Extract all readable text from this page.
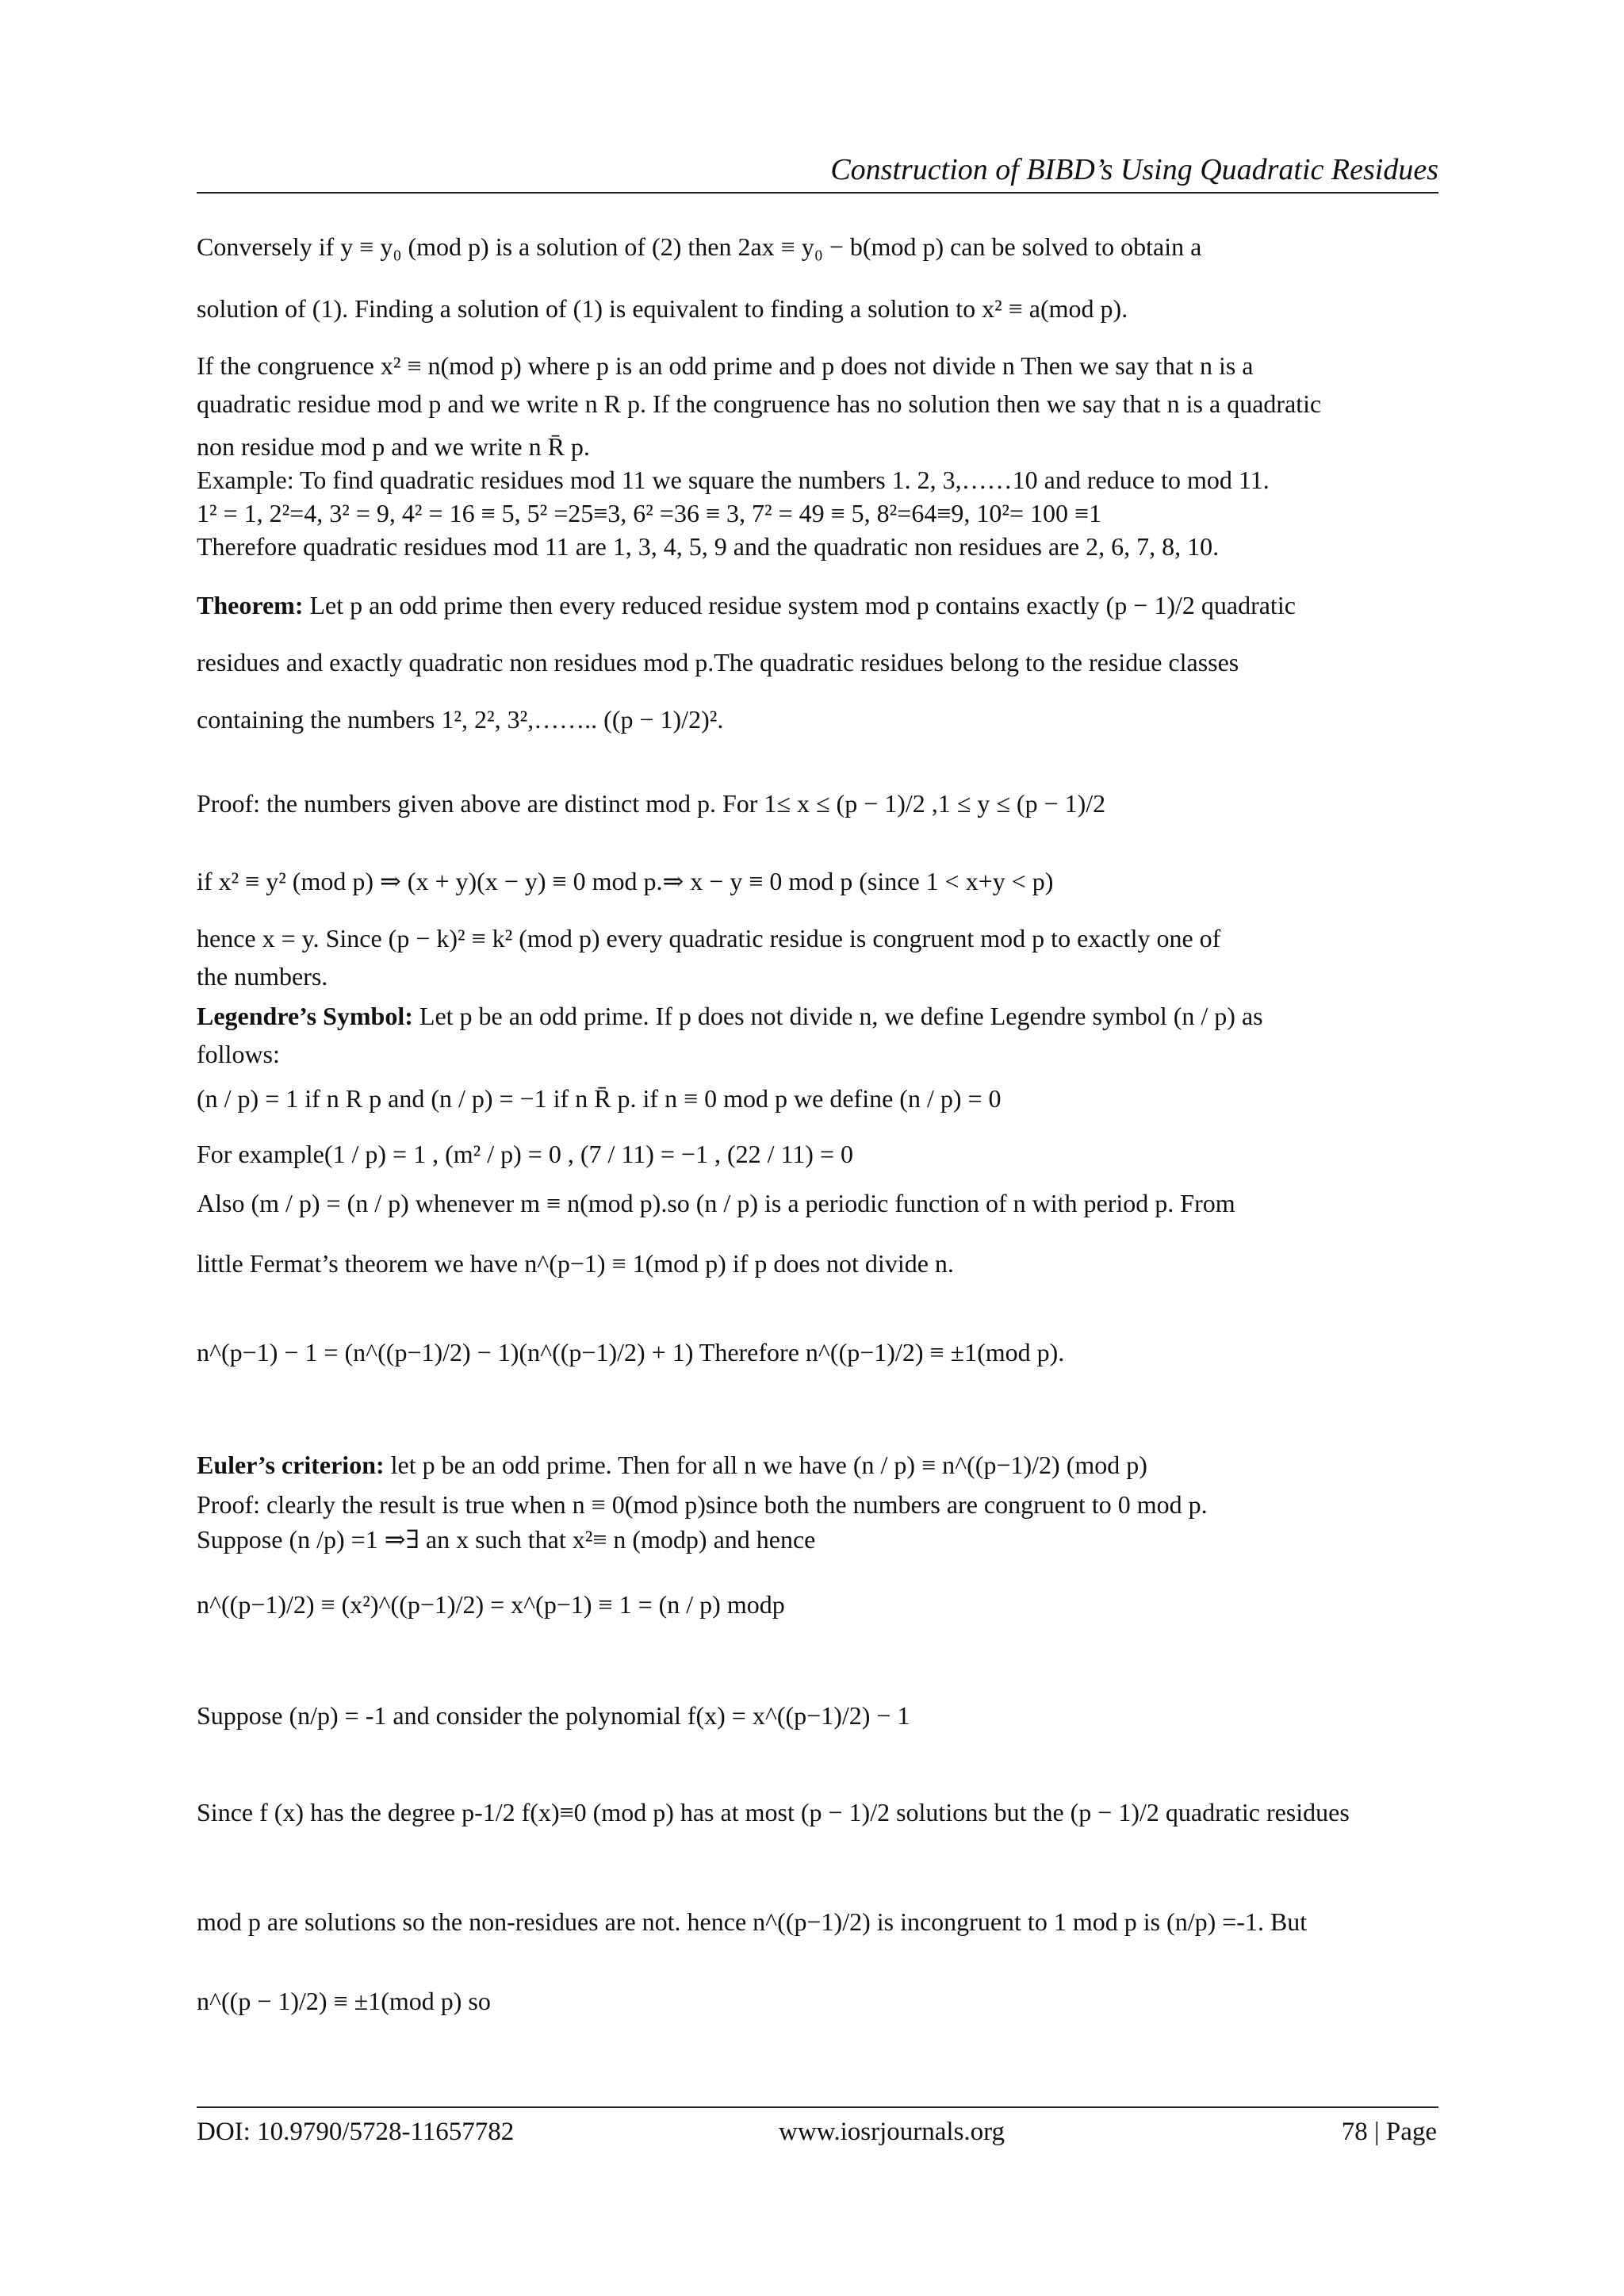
Construction of BIBD’s Using Quadratic Residues
Conversely if y ≡ y₀ (mod p) is a solution of (2) then 2ax ≡ y₀ − b(mod p) can be solved to obtain a
solution of (1). Finding a solution of (1) is equivalent to finding a solution to x² ≡ a(mod p).
If the congruence x² ≡ n(mod p) where p is an odd prime and p does not divide n Then we say that n is a
quadratic residue mod p and we write n R p. If the congruence has no solution then we say that n is a quadratic
non residue mod p and we write n R̄ p.
Example: To find quadratic residues mod 11 we square the numbers 1. 2, 3,……10 and reduce to mod 11.
1² = 1, 2²=4, 3² = 9, 4² = 16 ≡ 5, 5² =25≡3, 6² =36 ≡ 3, 7² = 49 ≡ 5, 8²=64≡9, 10²= 100 ≡1
Therefore quadratic residues mod 11 are 1, 3, 4, 5, 9 and the quadratic non residues are 2, 6, 7, 8, 10.
Theorem: Let p an odd prime then every reduced residue system mod p contains exactly (p − 1)/2 quadratic
residues and exactly quadratic non residues mod p.The quadratic residues belong to the residue classes
containing the numbers 1², 2², 3²,…….. ((p − 1)/2)².
Proof: the numbers given above are distinct mod p. For 1≤ x ≤ (p − 1)/2 ,1 ≤ y ≤ (p − 1)/2
if x² ≡ y² (mod p) ⇒ (x + y)(x − y) ≡ 0 mod p.⇒ x − y ≡ 0 mod p (since 1 < x+y < p)
hence x = y. Since (p − k)² ≡ k² (mod p) every quadratic residue is congruent mod p to exactly one of
the numbers.
Legendre’s Symbol: Let p be an odd prime. If p does not divide n, we define Legendre symbol (n / p) as
follows:
(n / p) = 1 if n R p and (n / p) = −1 if n R̄ p. if n ≡ 0 mod p we define (n / p) = 0
For example(1 / p) = 1 , (m² / p) = 0 , (7 / 11) = −1 , (22 / 11) = 0
Also (m / p) = (n / p) whenever m ≡ n(mod p).so (n / p) is a periodic function of n with period p. From
little Fermat’s theorem we have n^(p−1) ≡ 1(mod p) if p does not divide n.
n^(p−1) − 1 = (n^((p−1)/2) − 1)(n^((p−1)/2) + 1) Therefore n^((p−1)/2) ≡ ±1(mod p).
Euler’s criterion: let p be an odd prime. Then for all n we have (n / p) ≡ n^((p−1)/2) (mod p)
Proof: clearly the result is true when n ≡ 0(mod p)since both the numbers are congruent to 0 mod p.
Suppose (n /p) =1 ⇒∃ an x such that x²≡ n (modp) and hence
n^((p−1)/2) ≡ (x²)^((p−1)/2) = x^(p−1) ≡ 1 = (n / p) modp
Suppose (n/p) = -1 and consider the polynomial f(x) = x^((p−1)/2) − 1
Since f (x) has the degree p-1/2 f(x)≡0 (mod p) has at most (p − 1)/2 solutions but the (p − 1)/2 quadratic residues
mod p are solutions so the non-residues are not. hence n^((p−1)/2) is incongruent to 1 mod p is (n/p) =-1. But
n^((p − 1)/2) ≡ ±1(mod p) so
DOI: 10.9790/5728-11657782	www.iosrjournals.org	78 | Page
